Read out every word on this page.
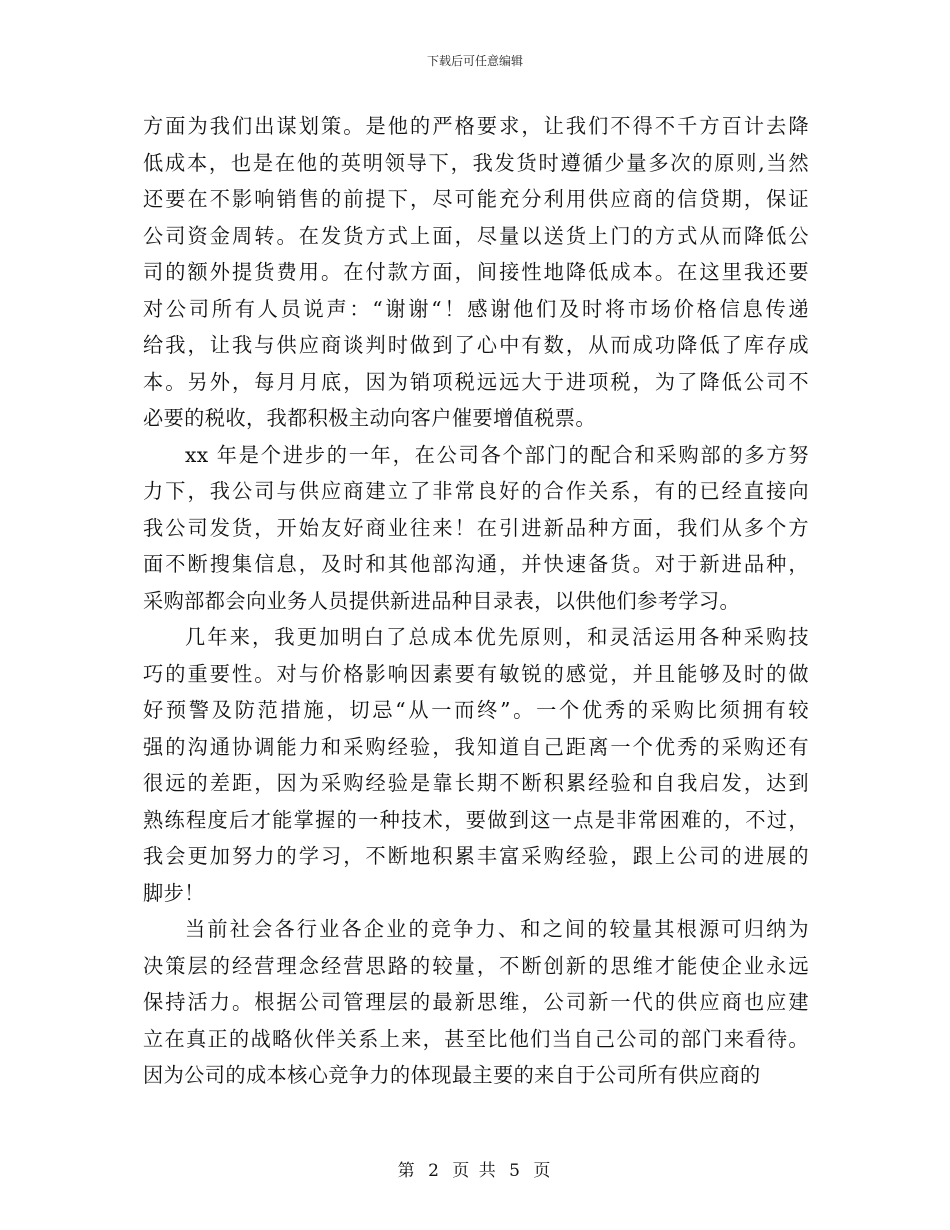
下载后可任意编辑
方面为我们出谋划策。是他的严格要求，让我们不得不千方百计去降
低成本，也是在他的英明领导下，我发货时遵循少量多次的原则,当然
还要在不影响销售的前提下，尽可能充分利用供应商的信贷期，保证
公司资金周转。在发货方式上面，尽量以送货上门的方式从而降低公
司的额外提货费用。在付款方面，间接性地降低成本。在这里我还要
对公司所有人员说声：“谢谢“！感谢他们及时将市场价格信息传递
给我，让我与供应商谈判时做到了心中有数，从而成功降低了库存成
本。另外，每月月底，因为销项税远远大于进项税，为了降低公司不
必要的税收，我都积极主动向客户催要增值税票。
xx 年是个进步的一年，在公司各个部门的配合和采购部的多方努
力下，我公司与供应商建立了非常良好的合作关系，有的已经直接向
我公司发货，开始友好商业往来！在引进新品种方面，我们从多个方
面不断搜集信息，及时和其他部沟通，并快速备货。对于新进品种，
采购部都会向业务人员提供新进品种目录表，以供他们参考学习。
几年来，我更加明白了总成本优先原则，和灵活运用各种采购技
巧的重要性。对与价格影响因素要有敏锐的感觉，并且能够及时的做
好预警及防范措施，切忌“从一而终”。一个优秀的采购比须拥有较
强的沟通协调能力和采购经验，我知道自己距离一个优秀的采购还有
很远的差距，因为采购经验是靠长期不断积累经验和自我启发，达到
熟练程度后才能掌握的一种技术，要做到这一点是非常困难的，不过，
我会更加努力的学习，不断地积累丰富采购经验，跟上公司的进展的
脚步！
当前社会各行业各企业的竞争力、和之间的较量其根源可归纳为
决策层的经营理念经营思路的较量，不断创新的思维才能使企业永远
保持活力。根据公司管理层的最新思维，公司新一代的供应商也应建
立在真正的战略伙伴关系上来，甚至比他们当自己公司的部门来看待。
因为公司的成本核心竞争力的体现最主要的来自于公司所有供应商的
第 2 页 共 5 页
